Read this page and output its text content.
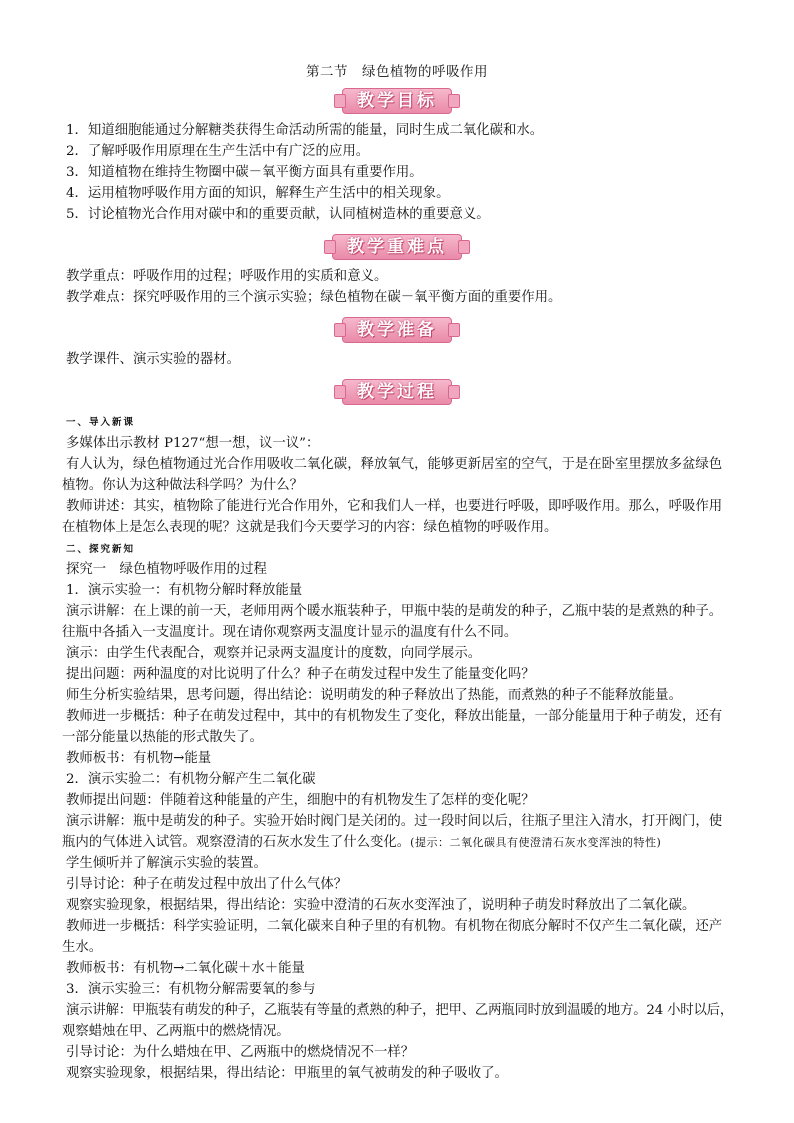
第二节　绿色植物的呼吸作用
教学目标
1．知道细胞能通过分解糖类获得生命活动所需的能量，同时生成二氧化碳和水。
2．了解呼吸作用原理在生产生活中有广泛的应用。
3．知道植物在维持生物圈中碳－氧平衡方面具有重要作用。
4．运用植物呼吸作用方面的知识，解释生产生活中的相关现象。
5．讨论植物光合作用对碳中和的重要贡献，认同植树造林的重要意义。
教学重难点
教学重点：呼吸作用的过程；呼吸作用的实质和意义。
教学难点：探究呼吸作用的三个演示实验；绿色植物在碳－氧平衡方面的重要作用。
教学准备
教学课件、演示实验的器材。
教学过程
一、导入新课
多媒体出示教材 P127“想一想，议一议”：
有人认为，绿色植物通过光合作用吸收二氧化碳，释放氧气，能够更新居室的空气，于是在卧室里摆放多盆绿色
植物。你认为这种做法科学吗？为什么？
教师讲述：其实，植物除了能进行光合作用外，它和我们人一样，也要进行呼吸，即呼吸作用。那么，呼吸作用
在植物体上是怎么表现的呢？这就是我们今天要学习的内容：绿色植物的呼吸作用。
二、探究新知
探究一　绿色植物呼吸作用的过程
1．演示实验一：有机物分解时释放能量
演示讲解：在上课的前一天，老师用两个暖水瓶装种子，甲瓶中装的是萌发的种子，乙瓶中装的是煮熟的种子。
往瓶中各插入一支温度计。现在请你观察两支温度计显示的温度有什么不同。
演示：由学生代表配合，观察并记录两支温度计的度数，向同学展示。
提出问题：两种温度的对比说明了什么？种子在萌发过程中发生了能量变化吗？
师生分析实验结果，思考问题，得出结论：说明萌发的种子释放出了热能，而煮熟的种子不能释放能量。
教师进一步概括：种子在萌发过程中，其中的有机物发生了变化，释放出能量，一部分能量用于种子萌发，还有
一部分能量以热能的形式散失了。
教师板书：有机物→能量
2．演示实验二：有机物分解产生二氧化碳
教师提出问题：伴随着这种能量的产生，细胞中的有机物发生了怎样的变化呢？
演示讲解：瓶中是萌发的种子。实验开始时阀门是关闭的。过一段时间以后，往瓶子里注入清水，打开阀门，使
瓶内的气体进入试管。观察澄清的石灰水发生了什么变化。(提示：二氧化碳具有使澄清石灰水变浑浊的特性)
学生倾听并了解演示实验的装置。
引导讨论：种子在萌发过程中放出了什么气体？
观察实验现象，根据结果，得出结论：实验中澄清的石灰水变浑浊了，说明种子萌发时释放出了二氧化碳。
教师进一步概括：科学实验证明，二氧化碳来自种子里的有机物。有机物在彻底分解时不仅产生二氧化碳，还产
生水。
教师板书：有机物→二氧化碳＋水＋能量
3．演示实验三：有机物分解需要氧的参与
演示讲解：甲瓶装有萌发的种子，乙瓶装有等量的煮熟的种子，把甲、乙两瓶同时放到温暖的地方。24 小时以后，
观察蜡烛在甲、乙两瓶中的燃烧情况。
引导讨论：为什么蜡烛在甲、乙两瓶中的燃烧情况不一样？
观察实验现象，根据结果，得出结论：甲瓶里的氧气被萌发的种子吸收了。
